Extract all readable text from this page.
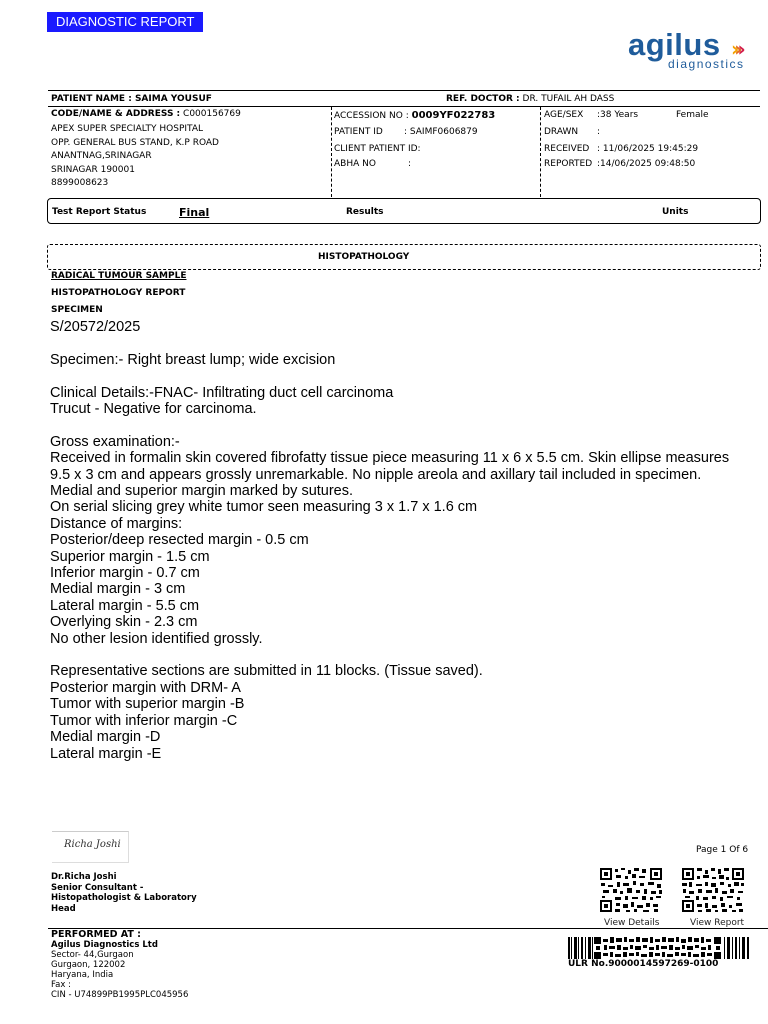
DIAGNOSTIC REPORT
agilus ›››
diagnostics
PATIENT NAME : SAIMA YOUSUF	REF. DOCTOR : DR. TUFAIL AH DASS
CODE/NAME & ADDRESS : C000156769
APEX SUPER SPECIALTY HOSPITAL
OPP. GENERAL BUS STAND, K.P ROAD
ANANTNAG,SRINAGAR
SRINAGAR 190001
8899008623
ACCESSION NO : 0009YF022783
PATIENT ID : SAIMF0606879
CLIENT PATIENT ID:
ABHA NO	:
AGE/SEX :38 Years	Female
DRAWN :
RECEIVED : 11/06/2025 19:45:29
REPORTED :14/06/2025 09:48:50
Test Report Status	Final	Results	Units
HISTOPATHOLOGY
RADICAL TUMOUR SAMPLE
HISTOPATHOLOGY REPORT
SPECIMEN
S/20572/2025
Specimen:- Right breast lump; wide excision
Clinical Details:-FNAC- Infiltrating duct cell carcinoma
Trucut - Negative for carcinoma.
Gross examination:-
Received in formalin skin covered fibrofatty tissue piece measuring 11 x 6 x 5.5 cm. Skin ellipse measures 9.5 x 3 cm and appears grossly unremarkable. No nipple areola and axillary tail included in specimen.
Medial and superior margin marked by sutures.
On serial slicing grey white tumor seen measuring 3 x 1.7 x 1.6 cm
Distance of margins:
Posterior/deep resected margin - 0.5 cm
Superior margin - 1.5 cm
Inferior margin - 0.7 cm
Medial margin - 3 cm
Lateral margin - 5.5 cm
Overlying skin - 2.3 cm
No other lesion identified grossly.
Representative sections are submitted in 11 blocks. (Tissue saved).
Posterior margin with DRM- A
Tumor with superior margin -B
Tumor with inferior margin -C
Medial margin -D
Lateral margin -E
Richa Joshi
Dr.Richa Joshi
Senior Consultant -
Histopathologist & Laboratory
Head
Page 1 Of 6
View Details	View Report
PERFORMED AT :
Agilus Diagnostics Ltd
Sector- 44,Gurgaon
Gurgaon, 122002
Haryana, India
Fax :
CIN - U74899PB1995PLC045956
ULR No.9000014597269-0100
